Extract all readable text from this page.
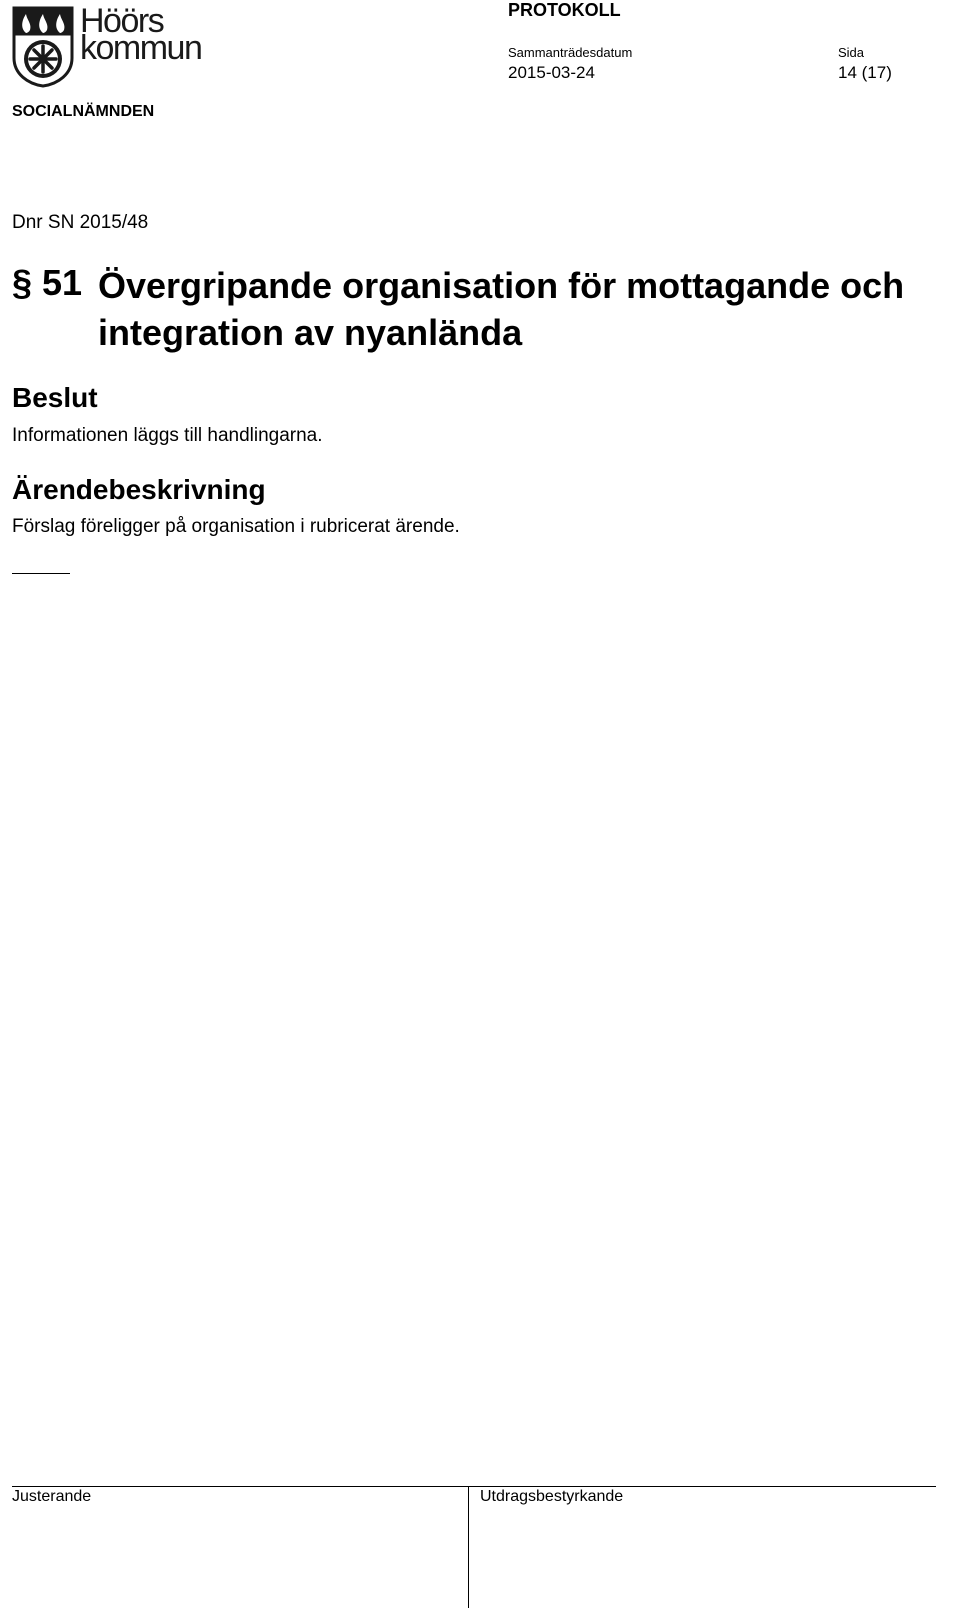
Höörs
kommun
PROTOKOLL
Sammanträdesdatum
2015-03-24
Sida
14 (17)
SOCIALNÄMNDEN
Dnr SN 2015/48
§ 51 Övergripande organisation för mottagande och integration av nyanlända
Beslut
Informationen läggs till handlingarna.
Ärendebeskrivning
Förslag föreligger på organisation i rubricerat ärende.
Justerande	Utdragsbestyrkande
